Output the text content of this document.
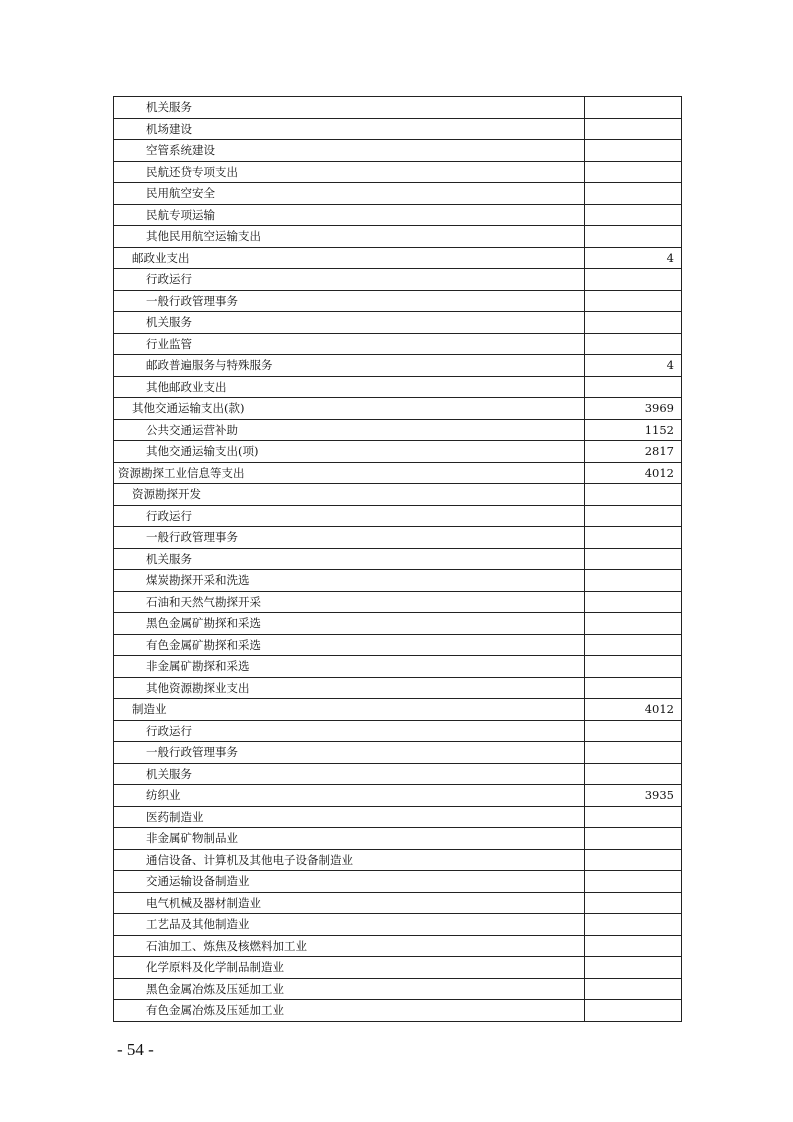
机关服务	
机场建设	
空管系统建设	
民航还贷专项支出	
民用航空安全	
民航专项运输	
其他民用航空运输支出	
邮政业支出	4
行政运行	
一般行政管理事务	
机关服务	
行业监管	
邮政普遍服务与特殊服务	4
其他邮政业支出	
其他交通运输支出(款)	3969
公共交通运营补助	1152
其他交通运输支出(项)	2817
资源勘探工业信息等支出	4012
资源勘探开发	
行政运行	
一般行政管理事务	
机关服务	
煤炭勘探开采和洗选	
石油和天然气勘探开采	
黑色金属矿勘探和采选	
有色金属矿勘探和采选	
非金属矿勘探和采选	
其他资源勘探业支出	
制造业	4012
行政运行	
一般行政管理事务	
机关服务	
纺织业	3935
医药制造业	
非金属矿物制品业	
通信设备、计算机及其他电子设备制造业	
交通运输设备制造业	
电气机械及器材制造业	
工艺品及其他制造业	
石油加工、炼焦及核燃料加工业	
化学原料及化学制品制造业	
黑色金属冶炼及压延加工业	
有色金属冶炼及压延加工业	
- 54 -
